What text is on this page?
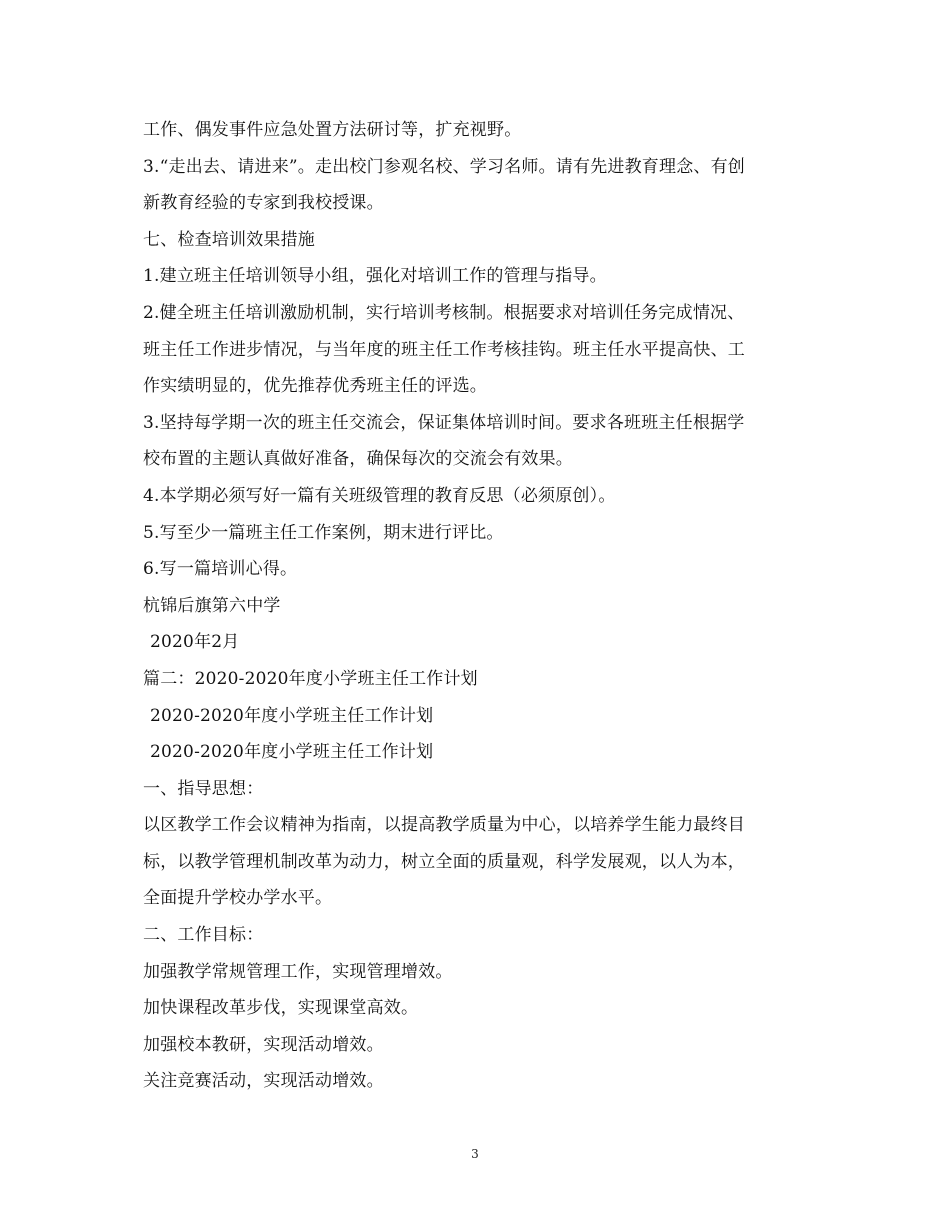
工作、偶发事件应急处置方法研讨等，扩充视野。
3.“走出去、请进来”。走出校门参观名校、学习名师。请有先进教育理念、有创
新教育经验的专家到我校授课。
七、检查培训效果措施
1.建立班主任培训领导小组，强化对培训工作的管理与指导。
2.健全班主任培训激励机制，实行培训考核制。根据要求对培训任务完成情况、
班主任工作进步情况，与当年度的班主任工作考核挂钩。班主任水平提高快、工
作实绩明显的，优先推荐优秀班主任的评选。
3.坚持每学期一次的班主任交流会，保证集体培训时间。要求各班班主任根据学
校布置的主题认真做好准备，确保每次的交流会有效果。
4.本学期必须写好一篇有关班级管理的教育反思（必须原创）。
5.写至少一篇班主任工作案例，期末进行评比。
6.写一篇培训心得。
杭锦后旗第六中学
2020年2月
篇二：2020-2020年度小学班主任工作计划
2020-2020年度小学班主任工作计划
2020-2020年度小学班主任工作计划
一、指导思想：
以区教学工作会议精神为指南，以提高教学质量为中心，以培养学生能力最终目
标，以教学管理机制改革为动力，树立全面的质量观，科学发展观，以人为本，
全面提升学校办学水平。
二、工作目标：
加强教学常规管理工作，实现管理增效。
加快课程改革步伐，实现课堂高效。
加强校本教研，实现活动增效。
关注竞赛活动，实现活动增效。
3
